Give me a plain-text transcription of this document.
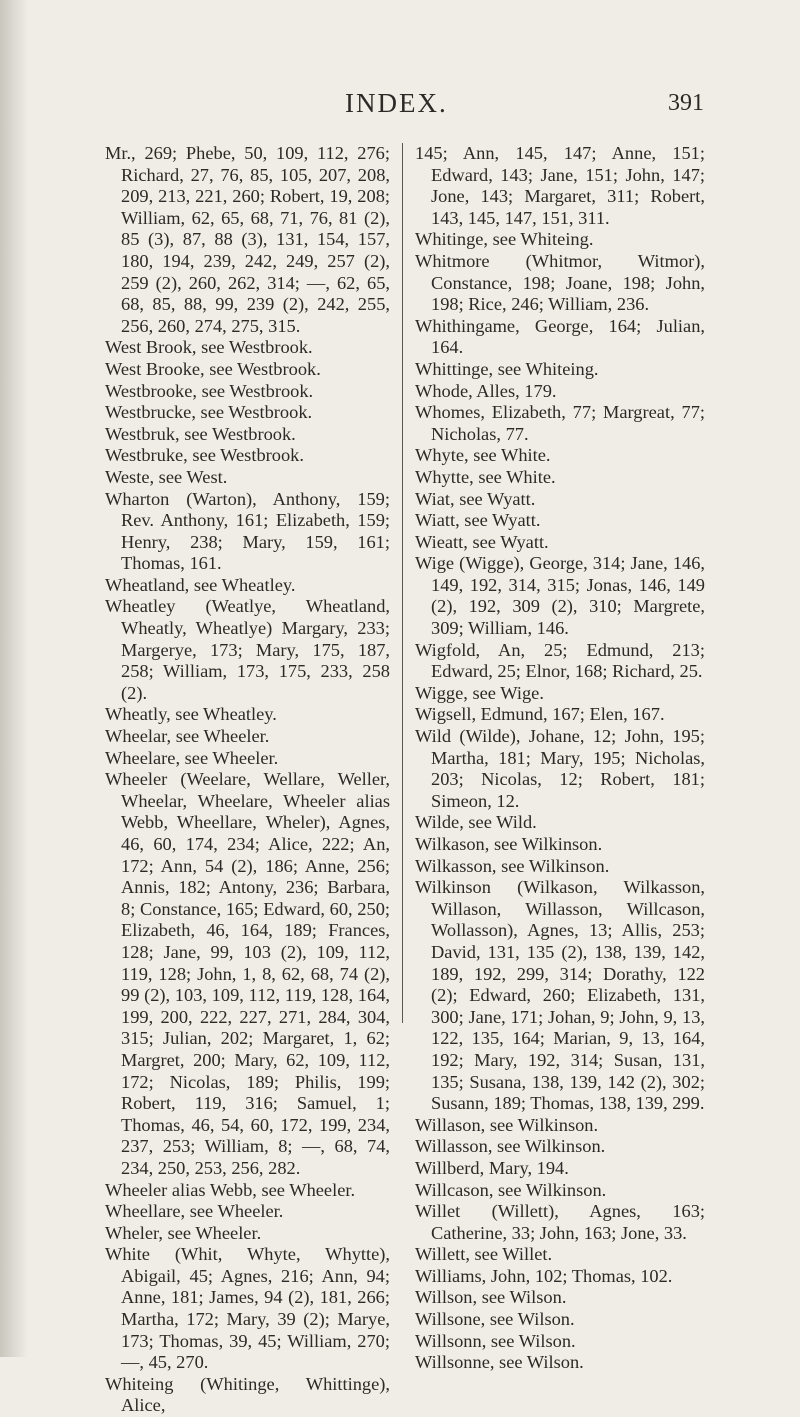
INDEX.	391

Mr., 269; Phebe, 50, 109, 112, 276; Richard, 27, 76, 85, 105, 207, 208, 209, 213, 221, 260; Robert, 19, 208; William, 62, 65, 68, 71, 76, 81 (2), 85 (3), 87, 88 (3), 131, 154, 157, 180, 194, 239, 242, 249, 257 (2), 259 (2), 260, 262, 314; —, 62, 65, 68, 85, 88, 99, 239 (2), 242, 255, 256, 260, 274, 275, 315.

West Brook, see Westbrook.

West Brooke, see Westbrook.

Westbrooke, see Westbrook.

Westbrucke, see Westbrook.

Westbruk, see Westbrook.

Westbruke, see Westbrook.

Weste, see West.

Wharton (Warton), Anthony, 159; Rev. Anthony, 161; Elizabeth, 159; Henry, 238; Mary, 159, 161; Thomas, 161.

Wheatland, see Wheatley.

Wheatley (Weatlye, Wheatland, Wheatly, Wheatlye) Margary, 233; Margerye, 173; Mary, 175, 187, 258; William, 173, 175, 233, 258 (2).

Wheatly, see Wheatley.

Wheelar, see Wheeler.

Wheelare, see Wheeler.

Wheeler (Weelare, Wellare, Weller, Wheelar, Wheelare, Wheeler alias Webb, Wheellare, Wheler), Agnes, 46, 60, 174, 234; Alice, 222; An, 172; Ann, 54 (2), 186; Anne, 256; Annis, 182; Antony, 236; Barbara, 8; Constance, 165; Edward, 60, 250; Elizabeth, 46, 164, 189; Frances, 128; Jane, 99, 103 (2), 109, 112, 119, 128; John, 1, 8, 62, 68, 74 (2), 99 (2), 103, 109, 112, 119, 128, 164, 199, 200, 222, 227, 271, 284, 304, 315; Julian, 202; Margaret, 1, 62; Margret, 200; Mary, 62, 109, 112, 172; Nicolas, 189; Philis, 199; Robert, 119, 316; Samuel, 1; Thomas, 46, 54, 60, 172, 199, 234, 237, 253; William, 8; —, 68, 74, 234, 250, 253, 256, 282.

Wheeler alias Webb, see Wheeler.

Wheellare, see Wheeler.

Wheler, see Wheeler.

White (Whit, Whyte, Whytte), Abigail, 45; Agnes, 216; Ann, 94; Anne, 181; James, 94 (2), 181, 266; Martha, 172; Mary, 39 (2); Marye, 173; Thomas, 39, 45; William, 270; —, 45, 270.

Whiteing (Whitinge, Whittinge), Alice,

145; Ann, 145, 147; Anne, 151; Edward, 143; Jane, 151; John, 147; Jone, 143; Margaret, 311; Robert, 143, 145, 147, 151, 311.

Whitinge, see Whiteing.

Whitmore (Whitmor, Witmor), Constance, 198; Joane, 198; John, 198; Rice, 246; William, 236.

Whithingame, George, 164; Julian, 164.

Whittinge, see Whiteing.

Whode, Alles, 179.

Whomes, Elizabeth, 77; Margreat, 77; Nicholas, 77.

Whyte, see White.

Whytte, see White.

Wiat, see Wyatt.

Wiatt, see Wyatt.

Wieatt, see Wyatt.

Wige (Wigge), George, 314; Jane, 146, 149, 192, 314, 315; Jonas, 146, 149 (2), 192, 309 (2), 310; Margrete, 309; William, 146.

Wigfold, An, 25; Edmund, 213; Edward, 25; Elnor, 168; Richard, 25.

Wigge, see Wige.

Wigsell, Edmund, 167; Elen, 167.

Wild (Wilde), Johane, 12; John, 195; Martha, 181; Mary, 195; Nicholas, 203; Nicolas, 12; Robert, 181; Simeon, 12.

Wilde, see Wild.

Wilkason, see Wilkinson.

Wilkasson, see Wilkinson.

Wilkinson (Wilkason, Wilkasson, Willason, Willasson, Willcason, Wollasson), Agnes, 13; Allis, 253; David, 131, 135 (2), 138, 139, 142, 189, 192, 299, 314; Dorathy, 122 (2); Edward, 260; Elizabeth, 131, 300; Jane, 171; Johan, 9; John, 9, 13, 122, 135, 164; Marian, 9, 13, 164, 192; Mary, 192, 314; Susan, 131, 135; Susana, 138, 139, 142 (2), 302; Susann, 189; Thomas, 138, 139, 299.

Willason, see Wilkinson.

Willasson, see Wilkinson.

Willberd, Mary, 194.

Willcason, see Wilkinson.

Willet (Willett), Agnes, 163; Catherine, 33; John, 163; Jone, 33.

Willett, see Willet.

Williams, John, 102; Thomas, 102.

Willson, see Wilson.

Willsone, see Wilson.

Willsonn, see Wilson.

Willsonne, see Wilson.
